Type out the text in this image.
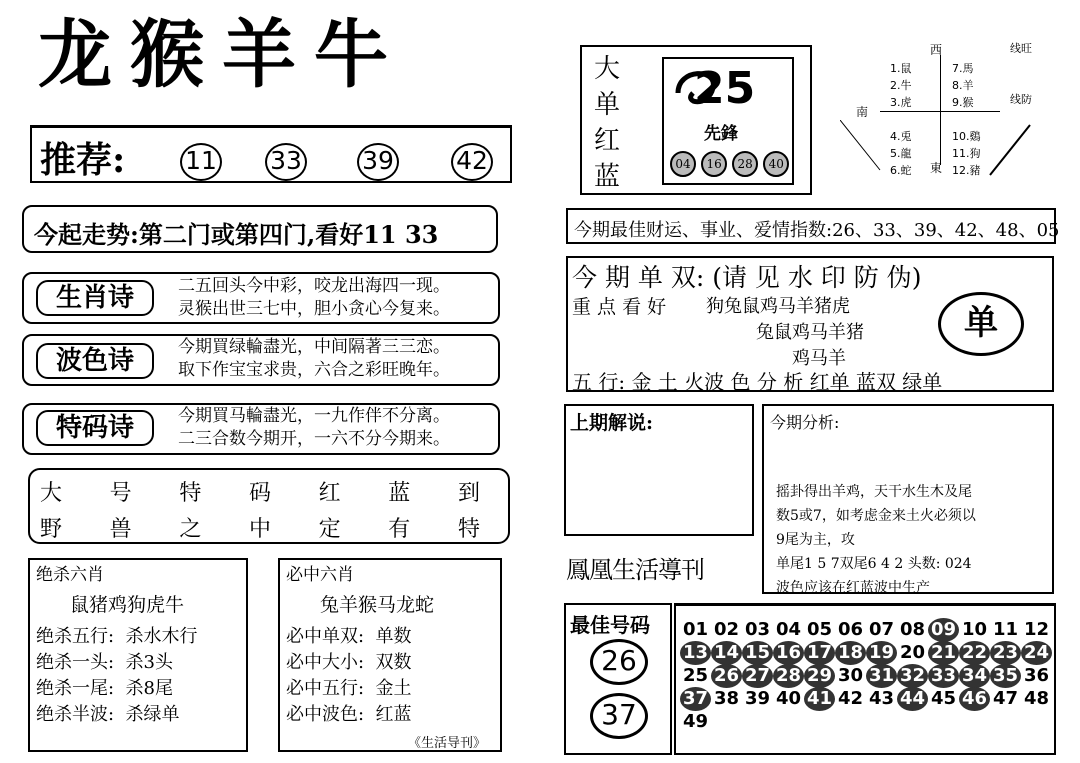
龙猴羊牛
推荐: 11 33 39 42
今起走势:第二门或第四门,看好11 33
生肖诗	二五回头今中彩，咬龙出海四一现。
灵猴出世三七中，胆小贪心今复来。
波色诗	今期買绿輪盡光，中间隔著三三恋。
取下作宝宝求贵，六合之彩旺晚年。
特码诗	今期買马輪盡光，一九作伴不分离。
二三合数今期开，一六不分今期来。
大 号 特 码 红 蓝 到
野 兽 之 中 定 有 特
绝杀六肖
鼠猪鸡狗虎牛
绝杀五行:  杀水木行
绝杀一头:  杀3头
绝杀一尾:  杀8尾
绝杀半波:  杀绿单
必中六肖
兔羊猴马龙蛇
必中单双:  单数
必中大小:  双数
必中五行:  金土
必中波色:  红蓝
《生活导刊》
大
单
红
蓝
25
先鋒
04 16 28 40

线旺

线防

西
南
東
1.鼠
2.牛
3.虎

4.兎
5.龍
6.蛇
7.馬
8.羊
9.猴

10.鷄
11.狗
12.豬
今期最佳财运、事业、爱情指数:26、33、39、42、48、05
今 期 单 双: (请 见 水 印 防 伪)
重 点 看 好 狗兔鼠鸡马羊猪虎
兔鼠鸡马羊猪
鸡马羊
单
五 行: 金 土 火波 色 分 析 红单 蓝双 绿单
上期解说:
鳳凰生活導刊
今期分析:
摇卦得出羊鸡，天干水生木及尾
数5或7，如考虑金来土火必须以
9尾为主，攻
单尾1 5 7双尾6 4 2 头数: 024
波色应该在红蓝波中生产
最佳号码
26
37
01 02 03 04 05 06 07 08 09 10 11 12
13 14 15 16 17 18 19 20 21 22 23 24
25 26 27 28 29 30 31 32 33 34 35 36
37 38 39 40 41 42 43 44 45 46 47 48
49
